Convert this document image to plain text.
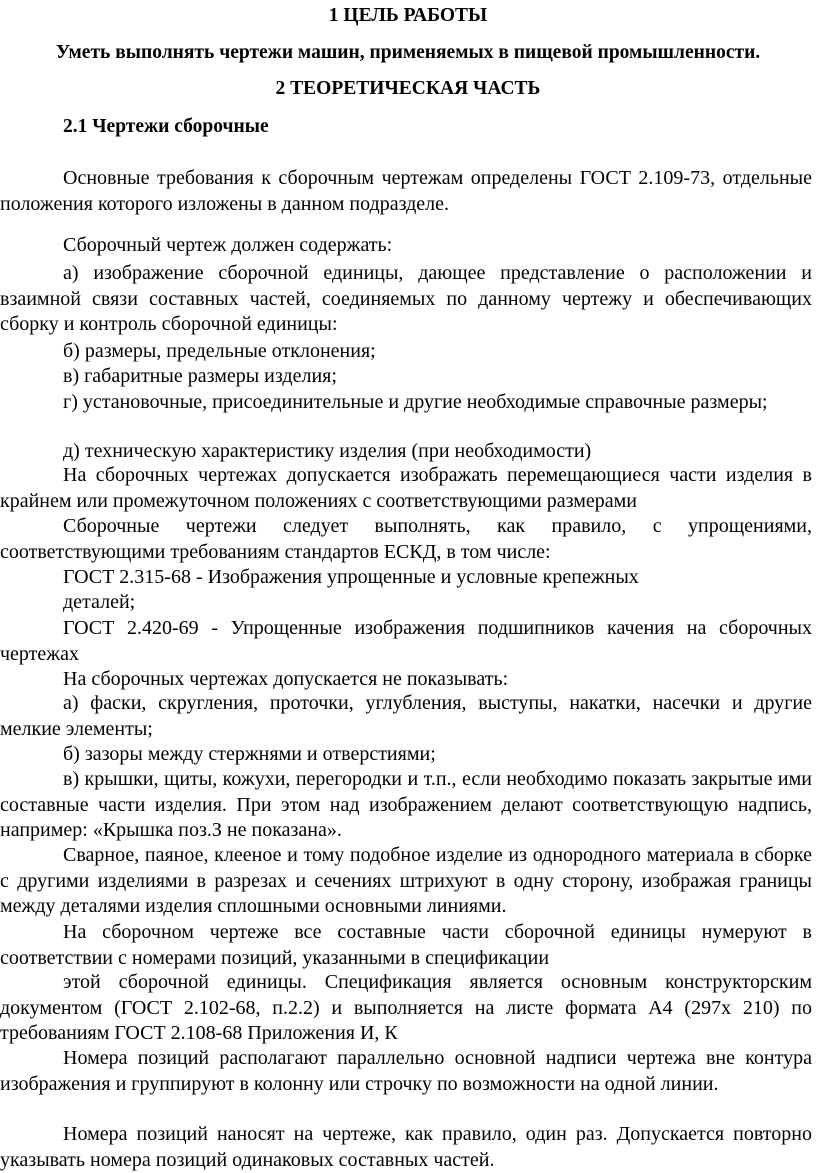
1 ЦЕЛЬ РАБОТЫ
Уметь выполнять чертежи машин, применяемых в пищевой промышленности.
2 ТЕОРЕТИЧЕСКАЯ ЧАСТЬ
2.1 Чертежи сборочные
Основные требования к сборочным чертежам определены ГОСТ 2.109-73, отдельные положения которого изложены в данном подразделе.
Сборочный чертеж должен содержать:
а) изображение сборочной единицы, дающее представление о расположении и взаимной связи составных частей, соединяемых по данному чертежу и обеспечивающих сборку и контроль сборочной единицы:
б) размеры, предельные отклонения;
в) габаритные размеры изделия;
г) установочные, присоединительные и другие необходимые справочные размеры;
д) техническую характеристику изделия (при необходимости)
На сборочных чертежах допускается изображать перемещающиеся части изделия в крайнем или промежуточном положениях с соответствующими размерами
Сборочные чертежи следует выполнять, как правило, с упрощениями, соответствующими требованиям стандартов ЕСКД, в том числе:
ГОСТ 2.315-68 - Изображения упрощенные и условные крепежных
деталей;
ГОСТ 2.420-69 - Упрощенные изображения подшипников качения на сборочных чертежах
На сборочных чертежах допускается не показывать:
а) фаски, скругления, проточки, углубления, выступы, накатки, насечки и другие мелкие элементы;
б) зазоры между стержнями и отверстиями;
в) крышки, щиты, кожухи, перегородки и т.п., если необходимо показать закрытые ими составные части изделия. При этом над изображением делают соответствующую надпись, например: «Крышка поз.З не показана».
Сварное, паяное, клееное и тому подобное изделие из однородного материала в сборке с другими изделиями в разрезах и сечениях штрихуют в одну сторону, изображая границы между деталями изделия сплошными основными линиями.
На сборочном чертеже все составные части сборочной единицы нумеруют в соответствии с номерами позиций, указанными в спецификации
этой сборочной единицы. Спецификация является основным конструкторским документом (ГОСТ 2.102-68, п.2.2) и выполняется на листе формата А4 (297х 210) по требованиям ГОСТ 2.108-68 Приложения И, К
Номера позиций располагают параллельно основной надписи чертежа вне контура изображения и группируют в колонну или строчку по возможности на одной линии.
Номера позиций наносят на чертеже, как правило, один раз. Допускается повторно указывать номера позиций одинаковых составных частей.
